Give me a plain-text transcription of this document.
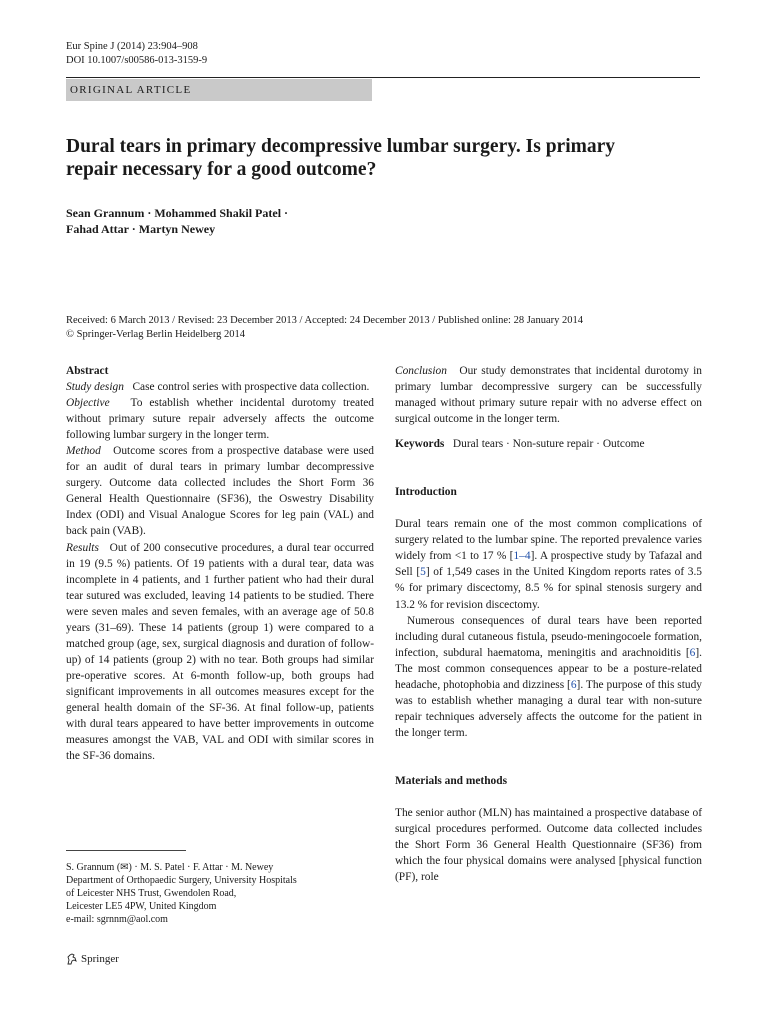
Eur Spine J (2014) 23:904–908
DOI 10.1007/s00586-013-3159-9
ORIGINAL ARTICLE
Dural tears in primary decompressive lumbar surgery. Is primary
repair necessary for a good outcome?
Sean Grannum · Mohammed Shakil Patel ·
Fahad Attar · Martyn Newey
Received: 6 March 2013 / Revised: 23 December 2013 / Accepted: 24 December 2013 / Published online: 28 January 2014
© Springer-Verlag Berlin Heidelberg 2014

Abstract

Study design Case control series with prospective data collection.

Objective To establish whether incidental durotomy treated without primary suture repair adversely affects the outcome following lumbar surgery in the longer term.

Method Outcome scores from a prospective database were used for an audit of dural tears in primary lumbar decompressive surgery. Outcome data collected includes the Short Form 36 General Health Questionnaire (SF36), the Oswestry Disability Index (ODI) and Visual Analogue Scores for leg pain (VAL) and back pain (VAB).

Results Out of 200 consecutive procedures, a dural tear occurred in 19 (9.5 %) patients. Of 19 patients with a dural tear, data was incomplete in 4 patients, and 1 further patient who had their dural tear sutured was excluded, leaving 14 patients to be studied. There were seven males and seven females, with an average age of 50.8 years (31–69). These 14 patients (group 1) were compared to a matched group (age, sex, surgical diagnosis and duration of follow-up) of 14 patients (group 2) with no tear. Both groups had similar pre-operative scores. At 6-month follow-up, both groups had significant improvements in all outcomes measures except for the general health domain of the SF-36. At final follow-up, patients with dural tears appeared to have better improvements in outcome measures amongst the VAB, VAL and ODI with similar scores in the SF-36 domains.

Conclusion Our study demonstrates that incidental durotomy in primary lumbar decompressive surgery can be successfully managed without primary suture repair with no adverse effect on surgical outcome in the longer term.

Keywords Dural tears · Non-suture repair · Outcome

Introduction

Dural tears remain one of the most common complications of surgery related to the lumbar spine. The reported prevalence varies widely from <1 to 17 % [1–4]. A prospective study by Tafazal and Sell [5] of 1,549 cases in the United Kingdom reports rates of 3.5 % for primary discectomy, 8.5 % for spinal stenosis surgery and 13.2 % for revision discectomy.

Numerous consequences of dural tears have been reported including dural cutaneous fistula, pseudo-meningocoele formation, infection, subdural haematoma, meningitis and arachnoiditis [6]. The most common consequences appear to be a posture-related headache, photophobia and dizziness [6]. The purpose of this study was to establish whether managing a dural tear with non-suture repair techniques adversely affects the outcome for the patient in the longer term.

Materials and methods

The senior author (MLN) has maintained a prospective database of surgical procedures performed. Outcome data collected includes the Short Form 36 General Health Questionnaire (SF36) from which the four physical domains were analysed [physical function (PF), role

S. Grannum (✉) · M. S. Patel · F. Attar · M. Newey
Department of Orthopaedic Surgery, University Hospitals
of Leicester NHS Trust, Gwendolen Road,
Leicester LE5 4PW, United Kingdom
e-mail: sgrnnm@aol.com
Springer
